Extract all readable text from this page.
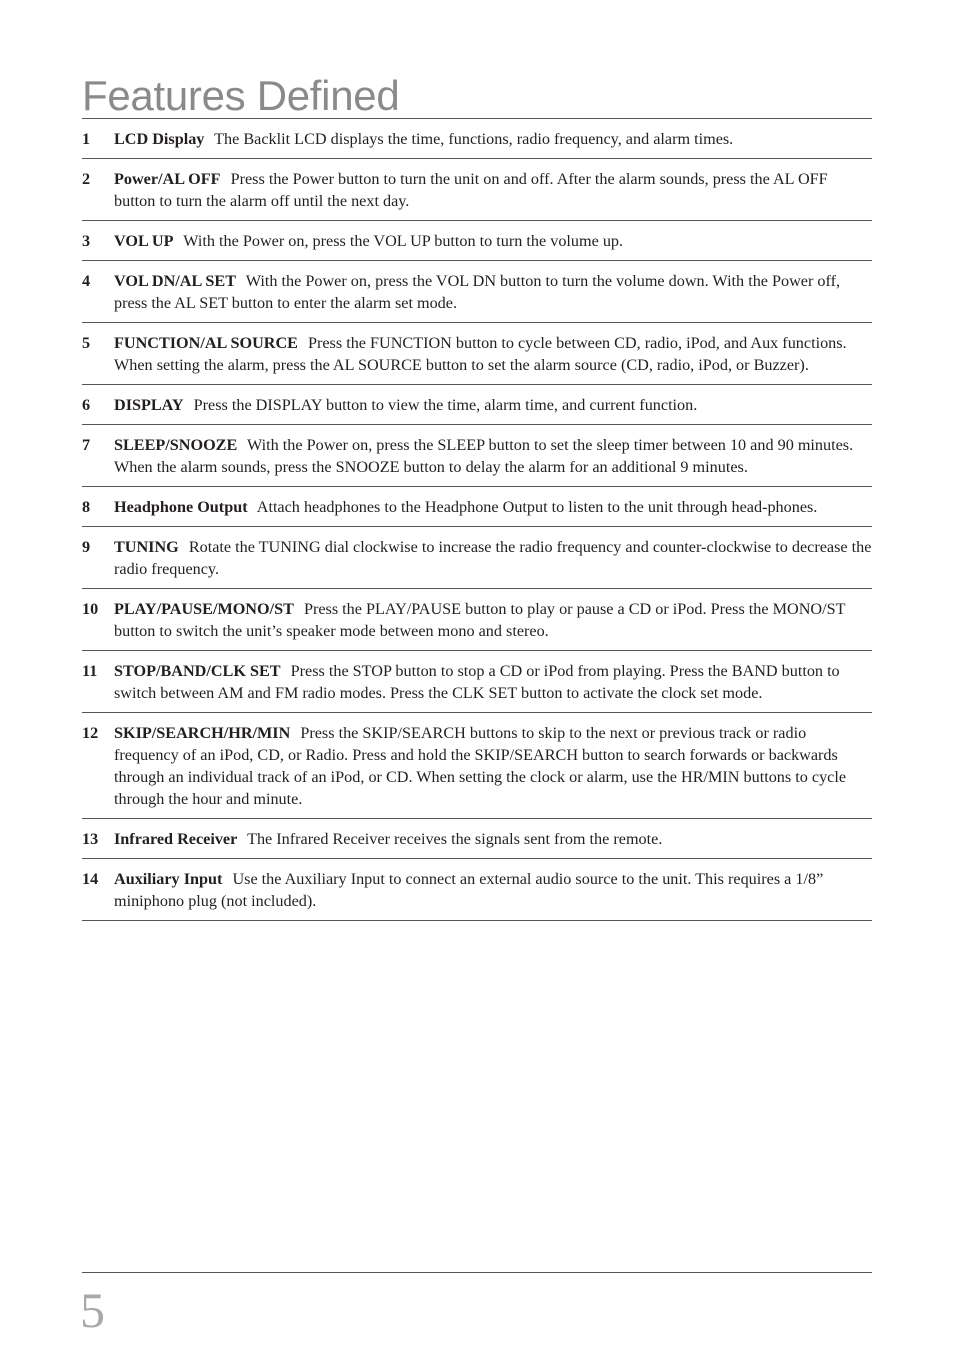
Features Defined
1	LCD Display The Backlit LCD displays the time, functions, radio frequency, and alarm times.
2	Power/AL OFF Press the Power button to turn the unit on and off. After the alarm sounds, press the AL OFF button to turn the alarm off until the next day.
3	VOL UP With the Power on, press the VOL UP button to turn the volume up.
4	VOL DN/AL SET With the Power on, press the VOL DN button to turn the volume down. With the Power off, press the AL SET button to enter the alarm set mode.
5	FUNCTION/AL SOURCE Press the FUNCTION button to cycle between CD, radio, iPod, and Aux functions. When setting the alarm, press the AL SOURCE button to set the alarm source (CD, radio, iPod, or Buzzer).
6	DISPLAY Press the DISPLAY button to view the time, alarm time, and current function.
7	SLEEP/SNOOZE With the Power on, press the SLEEP button to set the sleep timer between 10 and 90 minutes. When the alarm sounds, press the SNOOZE button to delay the alarm for an additional 9 minutes.
8	Headphone Output Attach headphones to the Headphone Output to listen to the unit through head-phones.
9	TUNING Rotate the TUNING dial clockwise to increase the radio frequency and counter-clockwise to decrease the radio frequency.
10 PLAY/PAUSE/MONO/ST Press the PLAY/PAUSE button to play or pause a CD or iPod. Press the MONO/ST button to switch the unit’s speaker mode between mono and stereo.
11	STOP/BAND/CLK SET Press the STOP button to stop a CD or iPod from playing. Press the BAND button to switch between AM and FM radio modes. Press the CLK SET button to activate the clock set mode.
12 SKIP/SEARCH/HR/MIN Press the SKIP/SEARCH buttons to skip to the next or previous track or radio frequency of an iPod, CD, or Radio. Press and hold the SKIP/SEARCH button to search forwards or backwards through an individual track of an iPod, or CD. When setting the clock or alarm, use the HR/MIN buttons to cycle through the hour and minute.
13 Infrared Receiver The Infrared Receiver receives the signals sent from the remote.
14 Auxiliary Input Use the Auxiliary Input to connect an external audio source to the unit. This requires a 1/8” miniphono plug (not included).
5
